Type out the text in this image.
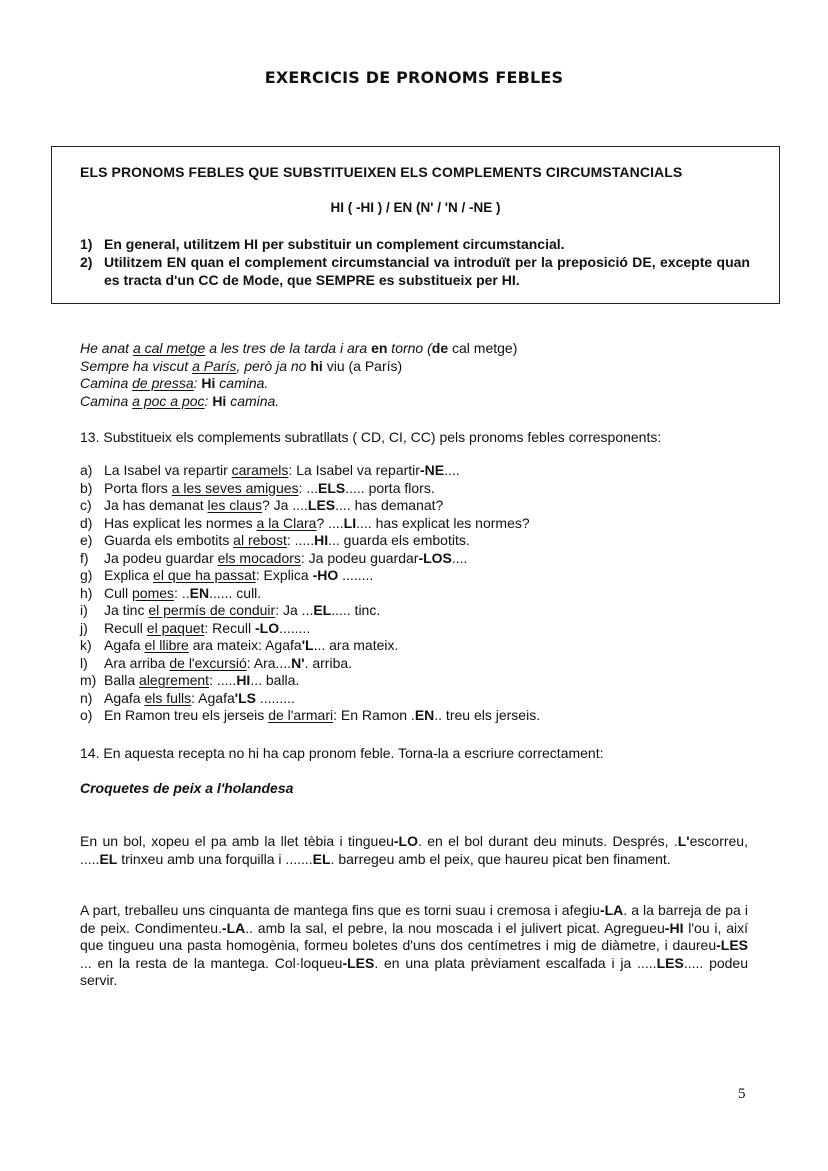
EXERCICIS DE PRONOMS FEBLES
ELS PRONOMS FEBLES QUE SUBSTITUEIXEN ELS COMPLEMENTS CIRCUMSTANCIALS
HI ( -HI ) / EN (N' / 'N / -NE )
1) En general, utilitzem HI per substituir un complement circumstancial.
2) Utilitzem EN quan el complement circumstancial va introduït per la preposició DE, excepte quan es tracta d'un CC de Mode, que SEMPRE es substitueix per HI.
He anat a cal metge a les tres de la tarda i ara en torno (de cal metge)
Sempre ha viscut a París, però ja no hi viu (a París)
Camina de pressa: Hi camina.
Camina a poc a poc: Hi camina.
13. Substitueix els complements subratllats ( CD, CI, CC) pels pronoms febles corresponents:
a) La Isabel va repartir caramels: La Isabel va repartir-NE....
b) Porta flors a les seves amigues: ...ELS..... porta flors.
c) Ja has demanat les claus? Ja ....LES.... has demanat?
d) Has explicat les normes a la Clara? ....LI.... has explicat les normes?
e) Guarda els embotits al rebost: .....HI... guarda els embotits.
f)	Ja podeu guardar els mocadors: Ja podeu guardar-LOS....
g) Explica el que ha passat: Explica -HO ........
h) Cull pomes: ..EN...... cull.
i)	Ja tinc el permís de conduir: Ja ...EL..... tinc.
j)	Recull el paquet: Recull -LO........
k) Agafa el llibre ara mateix: Agafa'L... ara mateix.
l)	Ara arriba de l'excursió: Ara....N'. arriba.
m) Balla alegrement: .....HI... balla.
n) Agafa els fulls: Agafa'LS .........
o) En Ramon treu els jerseis de l'armari: En Ramon .EN.. treu els jerseis.
14. En aquesta recepta no hi ha cap pronom feble. Torna-la a escriure correctament:
Croquetes de peix a l'holandesa
En un bol, xopeu el pa amb la llet tèbia i tingueu-LO. en el bol durant deu minuts. Després, .L'escorreu, .....EL trinxeu amb una forquilla i .......EL. barregeu amb el peix, que haureu picat ben finament.
A part, treballeu uns cinquanta de mantega fins que es torni suau i cremosa i afegiu-LA. a la barreja de pa i de peix. Condimenteu.-LA.. amb la sal, el pebre, la nou moscada i el julivert picat. Agregueu-HI l'ou i, així que tingueu una pasta homogènia, formeu boletes d'uns dos centímetres i mig de diàmetre, i daureu-LES ... en la resta de la mantega. Col·loqueu-LES. en una plata prèviament escalfada i ja .....LES..... podeu servir.
5
